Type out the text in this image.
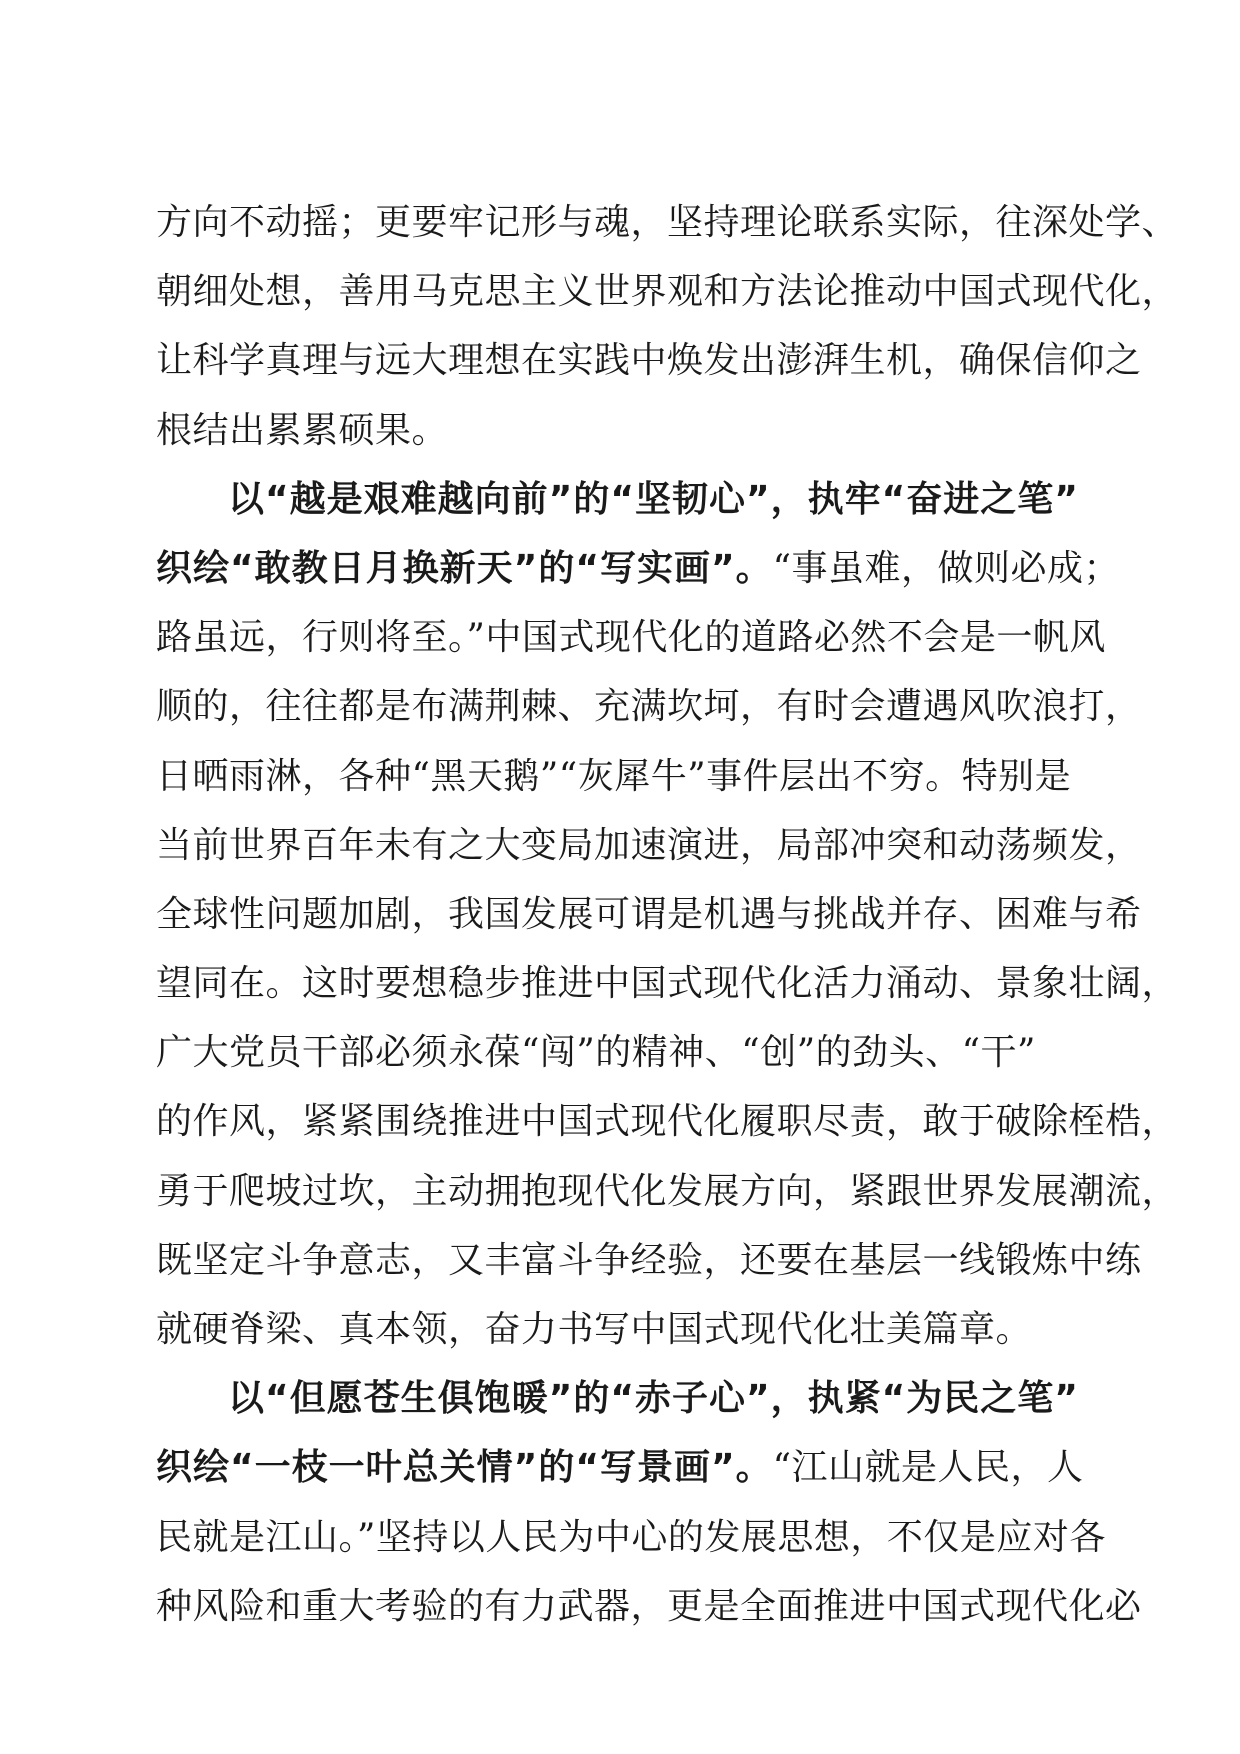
方向不动摇；更要牢记形与魂，坚持理论联系实际，往深处学、
朝细处想，善用马克思主义世界观和方法论推动中国式现代化，
让科学真理与远大理想在实践中焕发出澎湃生机，确保信仰之
根结出累累硕果。
以“越是艰难越向前”的“坚韧心”，执牢“奋进之笔”
织绘“敢教日月换新天”的“写实画”。“事虽难，做则必成；
路虽远，行则将至。”中国式现代化的道路必然不会是一帆风
顺的，往往都是布满荆棘、充满坎坷，有时会遭遇风吹浪打，
日晒雨淋，各种“黑天鹅”“灰犀牛”事件层出不穷。特别是
当前世界百年未有之大变局加速演进，局部冲突和动荡频发，
全球性问题加剧，我国发展可谓是机遇与挑战并存、困难与希
望同在。这时要想稳步推进中国式现代化活力涌动、景象壮阔，
广大党员干部必须永葆“闯”的精神、“创”的劲头、“干”
的作风，紧紧围绕推进中国式现代化履职尽责，敢于破除桎梏，
勇于爬坡过坎，主动拥抱现代化发展方向，紧跟世界发展潮流，
既坚定斗争意志，又丰富斗争经验，还要在基层一线锻炼中练
就硬脊梁、真本领，奋力书写中国式现代化壮美篇章。
以“但愿苍生俱饱暖”的“赤子心”，执紧“为民之笔”
织绘“一枝一叶总关情”的“写景画”。“江山就是人民，人
民就是江山。”坚持以人民为中心的发展思想，不仅是应对各
种风险和重大考验的有力武器，更是全面推进中国式现代化必
